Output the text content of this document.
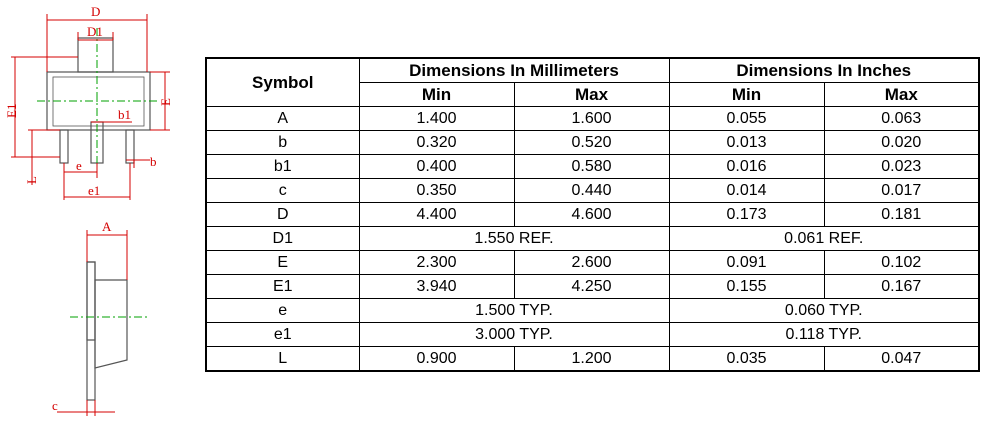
D
D1
E1
E
b1
b
L
e
e1
A
c
Symbol	Dimensions In Millimeters		Dimensions In Inches	
	Min	Max	Min	Max
A	1.400	1.600	0.055	0.063
b	0.320	0.520	0.013	0.020
b1	0.400	0.580	0.016	0.023
c	0.350	0.440	0.014	0.017
D	4.400	4.600	0.173	0.181
D1	1.550 REF.		0.061 REF.	
E	2.300	2.600	0.091	0.102
E1	3.940	4.250	0.155	0.167
e	1.500 TYP.		0.060 TYP.	
e1	3.000 TYP.		0.118 TYP.	
L	0.900	1.200	0.035	0.047
